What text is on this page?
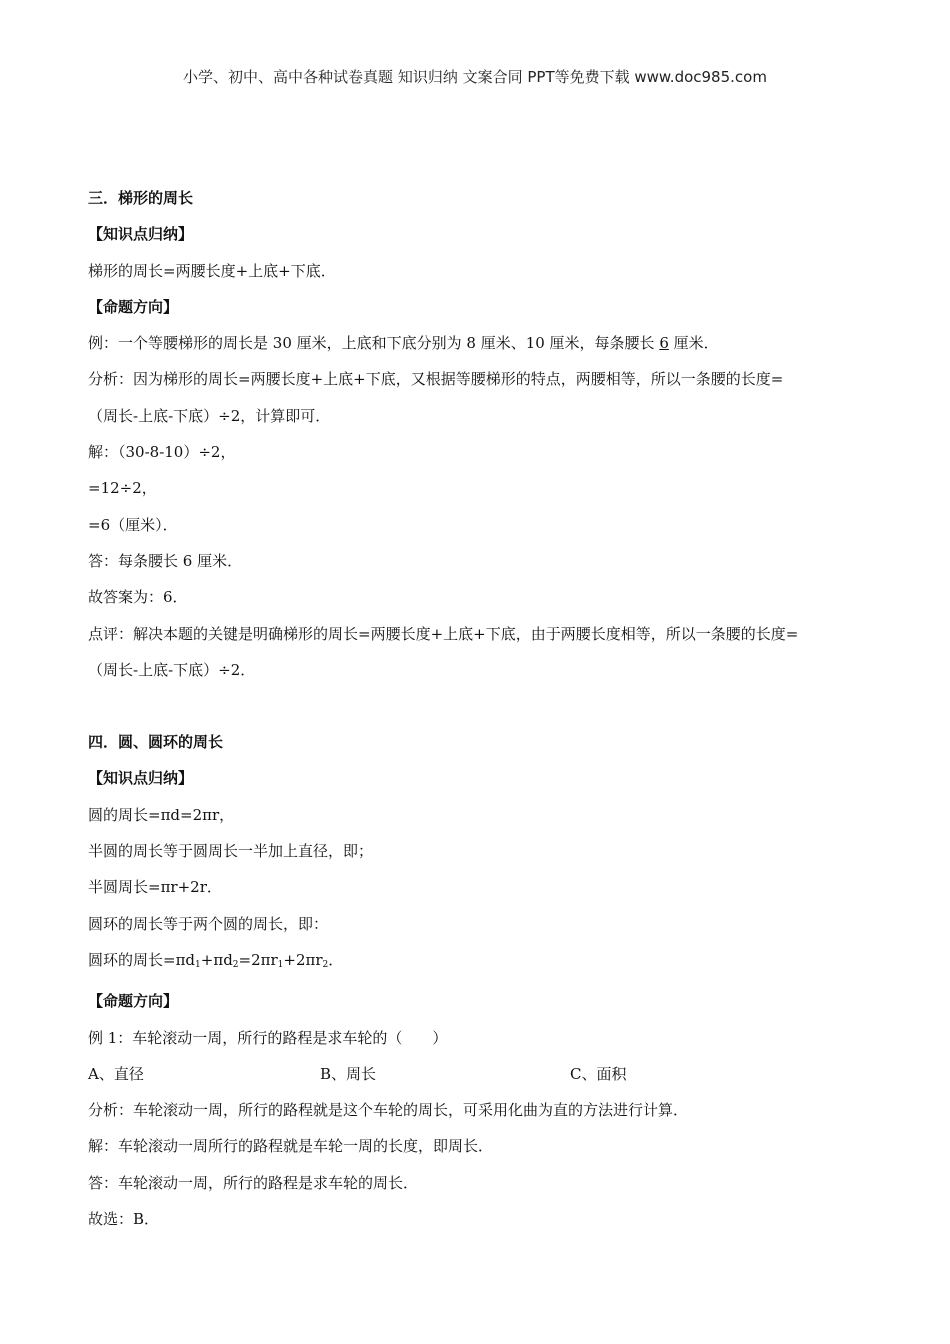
小学、初中、高中各种试卷真题 知识归纳 文案合同 PPT等免费下载 www.doc985.com
三．梯形的周长
【知识点归纳】
梯形的周长=两腰长度+上底+下底．
【命题方向】
例：一个等腰梯形的周长是 30 厘米，上底和下底分别为 8 厘米、10 厘米，每条腰长 6 厘米．
分析：因为梯形的周长=两腰长度+上底+下底，又根据等腰梯形的特点，两腰相等，所以一条腰的长度=
（周长-上底-下底）÷2，计算即可．
解：（30-8-10）÷2，
=12÷2，
=6（厘米）．
答：每条腰长 6 厘米．
故答案为：6．
点评：解决本题的关键是明确梯形的周长=两腰长度+上底+下底，由于两腰长度相等，所以一条腰的长度=
（周长-上底-下底）÷2．
四．圆、圆环的周长
【知识点归纳】
圆的周长=πd=2πr，
半圆的周长等于圆周长一半加上直径，即；
半圆周长=πr+2r．
圆环的周长等于两个圆的周长，即：
圆环的周长$=\pi d_1+\pi d_2=2\pi r_1+2\pi r_2$．
【命题方向】
例 1：车轮滚动一周，所行的路程是求车轮的（　　）
A、直径	B、周长	C、面积
分析：车轮滚动一周，所行的路程就是这个车轮的周长，可采用化曲为直的方法进行计算．
解：车轮滚动一周所行的路程就是车轮一周的长度，即周长．
答：车轮滚动一周，所行的路程是求车轮的周长．
故选：B．
